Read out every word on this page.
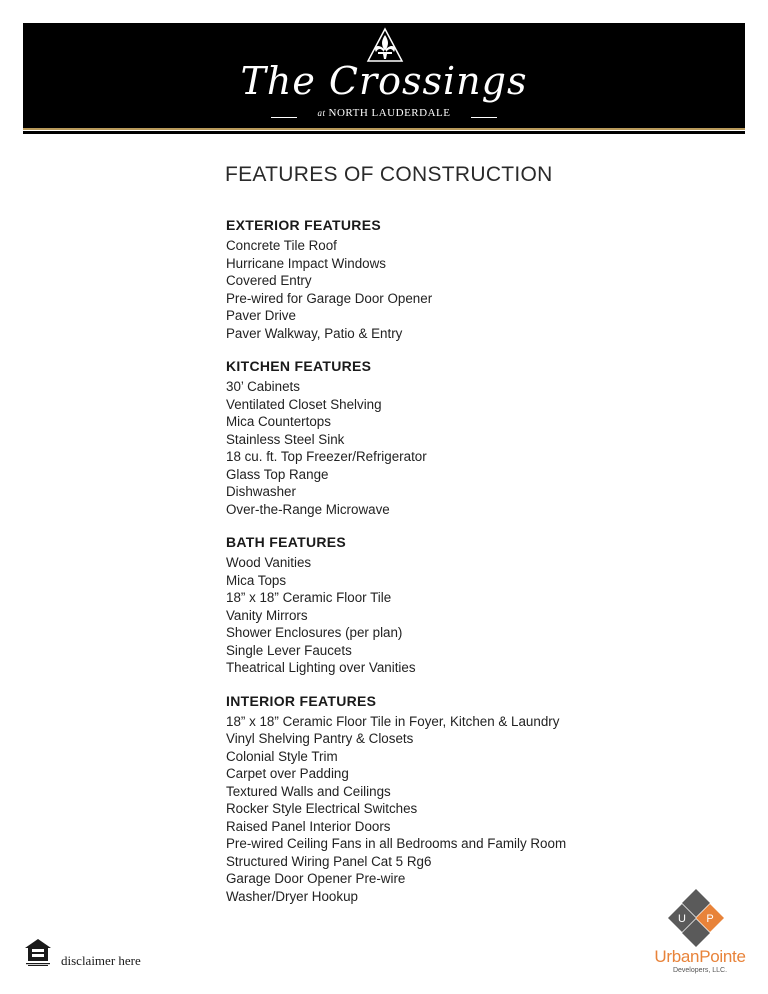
The Crossings
at NORTH LAUDERDALE
FEATURES OF CONSTRUCTION
EXTERIOR FEATURES
Concrete Tile Roof
Hurricane Impact Windows
Covered Entry
Pre-wired for Garage Door Opener
Paver Drive
Paver Walkway, Patio & Entry
KITCHEN FEATURES
30’ Cabinets
Ventilated Closet Shelving
Mica Countertops
Stainless Steel Sink
18 cu. ft. Top Freezer/Refrigerator
Glass Top Range
Dishwasher
Over-the-Range Microwave
BATH FEATURES
Wood Vanities
Mica Tops
18” x 18” Ceramic Floor Tile
Vanity Mirrors
Shower Enclosures (per plan)
Single Lever Faucets
Theatrical Lighting over Vanities
INTERIOR FEATURES
18” x 18” Ceramic Floor Tile in Foyer, Kitchen & Laundry
Vinyl Shelving Pantry & Closets
Colonial Style Trim
Carpet over Padding
Textured Walls and Ceilings
Rocker Style Electrical Switches
Raised Panel Interior Doors
Pre-wired Ceiling Fans in all Bedrooms and Family Room
Structured Wiring Panel Cat 5 Rg6
Garage Door Opener Pre-wire
Washer/Dryer Hookup
disclaimer here
U P
UrbanPointe
Developers, LLC.
